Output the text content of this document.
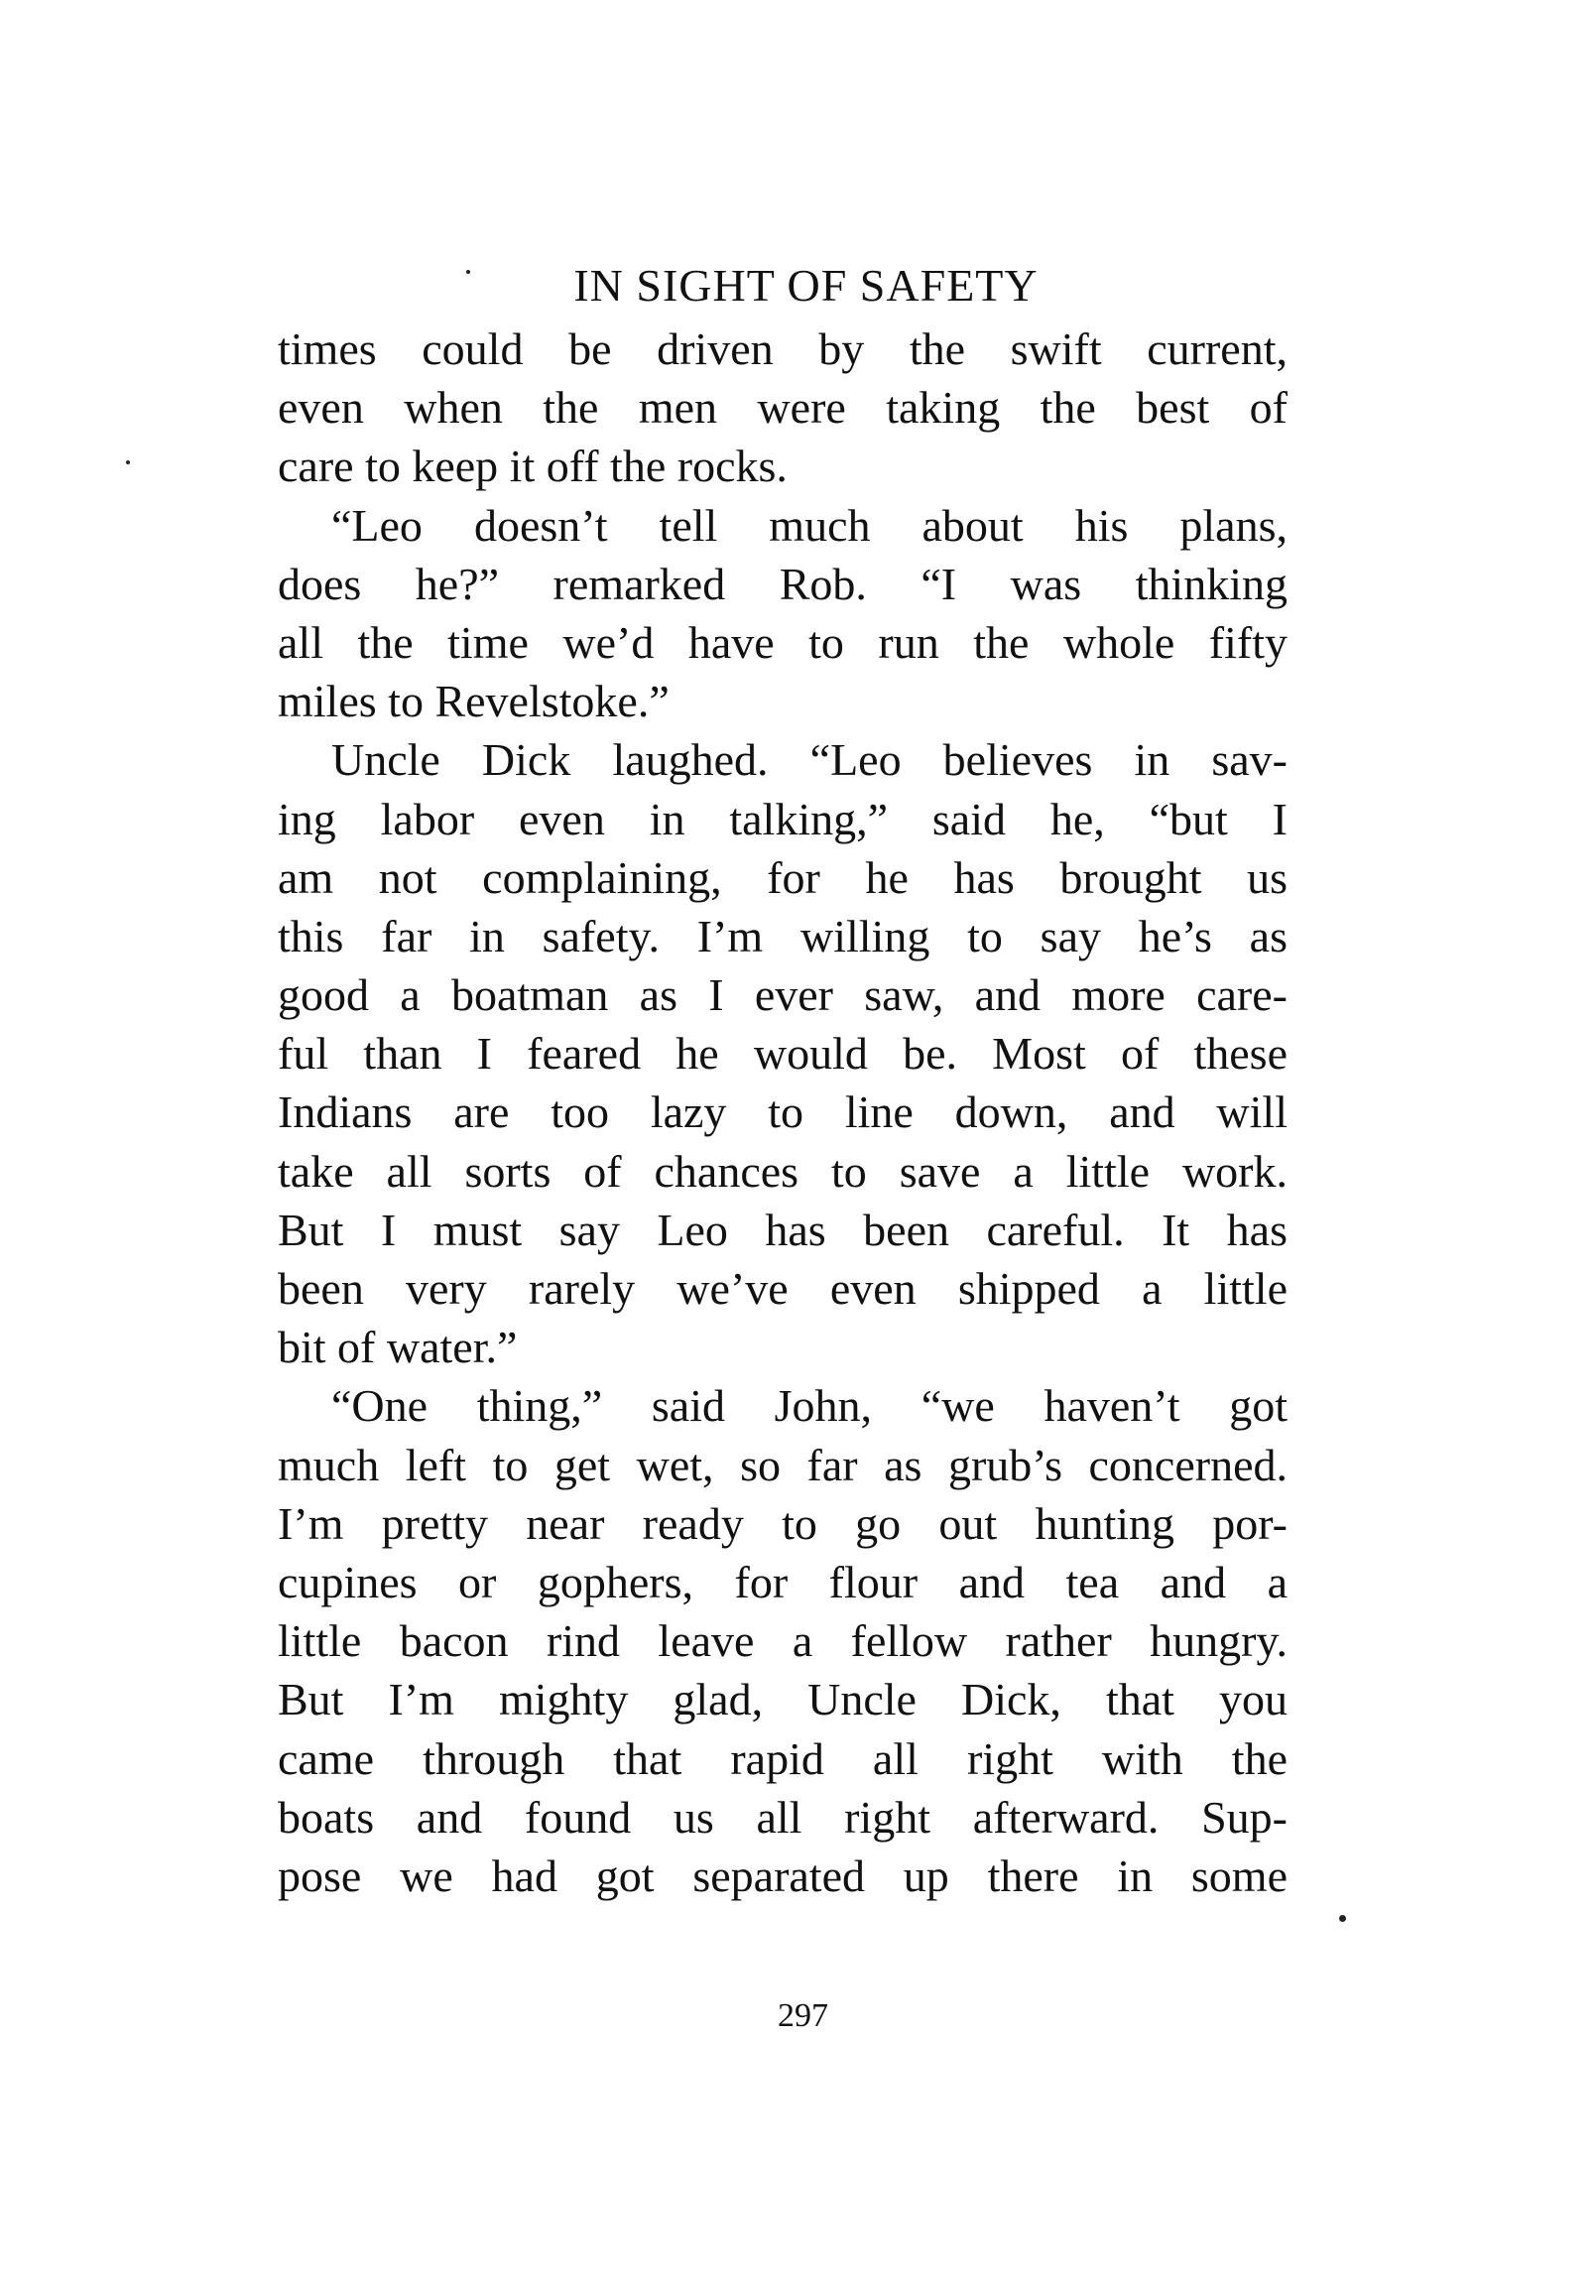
IN SIGHT OF SAFETY
times could be driven by the swift current,
even when the men were taking the best of
care to keep it off the rocks.
“Leo doesn’t tell much about his plans,
does he?” remarked Rob. “I was thinking
all the time we’d have to run the whole fifty
miles to Revelstoke.”
Uncle Dick laughed. “Leo believes in sav-
ing labor even in talking,” said he, “but I
am not complaining, for he has brought us
this far in safety. I’m willing to say he’s as
good a boatman as I ever saw, and more care-
ful than I feared he would be. Most of these
Indians are too lazy to line down, and will
take all sorts of chances to save a little work.
But I must say Leo has been careful. It has
been very rarely we’ve even shipped a little
bit of water.”
“One thing,” said John, “we haven’t got
much left to get wet, so far as grub’s concerned.
I’m pretty near ready to go out hunting por-
cupines or gophers, for flour and tea and a
little bacon rind leave a fellow rather hungry.
But I’m mighty glad, Uncle Dick, that you
came through that rapid all right with the
boats and found us all right afterward. Sup-
pose we had got separated up there in some
297
